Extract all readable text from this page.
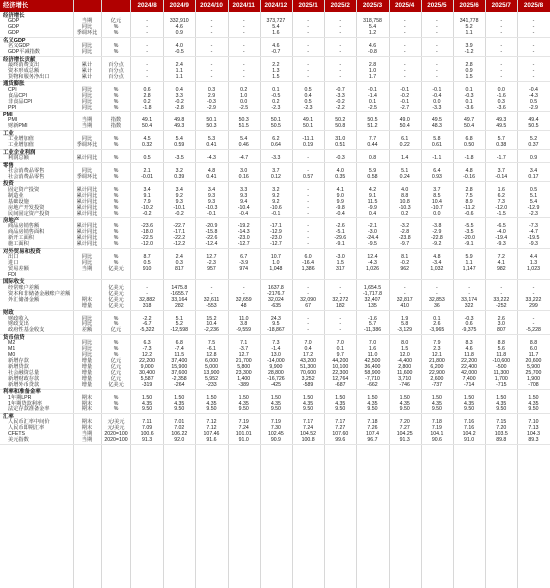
经济增长	2024/8	2024/9	2024/10	2024/11	2024/12	2025/1	2025/2	2025/3	2025/4	2025/5	2025/6	2025/7	2025/8
经济增长
GDP	当期	亿元	-	332,910	-	-	373,727	-	-	318,758	-	-	341,778	-	-
GDP	同比	%	-	4.6	-	-	5.4	-	-	5.4	-	-	5.2	-	-
GDP	季调环比	%	-	0.9	-	-	1.6	-	-	1.2	-	-	1.1	-	-
名义GDP
名义GDP	同比	%	-	4.0	-	-	4.6	-	-	4.6	-	-	3.9	-	-
GDP平减指数	同比	%	-	-0.5	-	-	-0.7	-	-	-0.8	-	-	-1.2	-	-
经济增长贡献
最终消费支出	累计	百分点	-	2.4	-	-	2.2	-	-	2.8	-	-	2.8	-	-
资本形成总额	累计	百分点	-	1.1	-	-	1.3	-	-	1.0	-	-	0.9	-	-
货物和服务净出口	累计	百分点	-	1.1	-	-	1.5	-	-	1.7	-	-	1.5	-	-
通货膨胀
CPI	同比	%	0.6	0.4	0.3	0.2	0.1	0.5	-0.7	-0.1	-0.1	-0.1	0.1	0.0	-0.4
食品CPI	同比	%	2.8	3.3	2.9	1.0	-0.5	0.4	-3.3	-1.4	-0.2	-0.4	-0.3	-1.6	-4.3
非食品CPI	同比	%	0.2	-0.2	-0.3	0.0	0.2	0.5	-0.2	0.1	-0.1	0.0	0.1	0.3	0.5
PPI	同比	%	-1.8	-2.8	-2.9	-2.5	-2.3	-2.3	-2.2	-2.5	-2.7	-3.3	-3.6	-3.6	-2.9
PMI
PMI	当期	指数	49.1	49.8	50.1	50.3	50.1	49.1	50.2	50.5	49.0	49.5	49.7	49.3	49.4
财新PMI	当期	指数	50.4	49.3	50.3	51.5	50.5	50.1	50.8	51.2	50.4	48.3	50.4	49.5	50.5
工业
工业增加值	同比	%	4.5	5.4	5.3	5.4	6.2	-11.1	31.0	7.7	6.1	5.8	6.8	5.7	5.2
工业增加值	季调环比	%	0.32	0.59	0.41	0.46	0.64	0.19	0.51	0.44	0.22	0.61	0.50	0.38	0.37
工业企业利润
利润总额	累计同比	%	0.5	-3.5	-4.3	-4.7	-3.3	-	-0.3	0.8	1.4	-1.1	-1.8	-1.7	0.9
零售
社会消费品零售	同比	%	2.1	3.2	4.8	3.0	3.7	-	4.0	5.9	5.1	6.4	4.8	3.7	3.4
社会消费品零售	季调环比	%	-0.01	0.39	0.41	0.16	0.12	0.57	0.35	0.58	0.24	0.93	-0.16	-0.14	0.17
投资
固定资产投资	累计同比	%	3.4	3.4	3.4	3.3	3.2	-	4.1	4.2	4.0	3.7	2.8	1.6	0.5
制造业	累计同比	%	9.1	9.2	9.3	9.3	9.2	-	9.0	9.1	8.8	8.5	7.5	6.2	5.1
基础设施	累计同比	%	7.9	9.3	9.3	9.4	9.2	-	9.9	11.5	10.8	10.4	8.9	7.3	5.4
房地产开发投资	累计同比	%	-10.2	-10.1	-10.3	-10.4	-10.6	-	-9.8	-9.9	-10.3	-10.7	-11.2	-12.0	-12.9
民间固定资产投资	累计同比	%	-0.2	-0.2	-0.1	-0.4	-0.1	-	-0.4	0.4	0.2	0.0	-0.6	-1.5	-2.3
房地产
商品房销售额	累计同比	%	-23.6	-22.7	-20.9	-19.2	-17.1	-	-2.6	-2.1	-3.2	-3.8	-5.5	-6.5	-7.3
商品房销售面积	累计同比	%	-18.0	-17.1	-15.8	-14.3	-12.9	-	-5.1	-3.0	-2.8	-2.9	-3.5	-4.0	-4.7
新开工面积	累计同比	%	-22.5	-22.2	-22.6	-23.0	-23.0	-	-29.6	-24.4	-23.8	-22.8	-20.0	-19.4	-19.5
施工面积	累计同比	%	-12.0	-12.2	-12.4	-12.7	-12.7	-	-9.1	-9.5	-9.7	-9.2	-9.1	-9.3	-9.3
对外贸易和投资
出口	同比	%	8.7	2.4	12.7	6.7	10.7	6.0	-3.0	12.4	8.1	4.8	5.9	7.2	4.4
进口	同比	%	0.5	0.3	-2.3	-3.9	1.0	-16.4	1.5	-4.3	-0.2	-3.4	1.1	4.1	1.3
贸易差额	当期	亿美元	910	817	957	974	1,048	1,386	317	1,026	962	1,032	1,147	982	1,023
FDI
国际收支
经常账户差额	亿美元	-	1475.8	-	-	1637.8	-	-	1,654.5	-	-	-	-	-
资本和非储备金融账户差额	亿美元	-	-1655.7	-	-	-2176.7	-	-	-1,717.8	-	-	-	-	-
外汇储备金额	期末	亿美元	32,882	33,164	32,611	32,659	32,024	32,090	32,272	32,407	32,817	32,853	33,174	33,222	33,222
增量	亿美元	318	282	-553	48	-635	67	182	135	410	36	322	-252	299
财政
财政收入	同比	%	-2.2	5.1	15.2	11.0	24.3	-	-	-1.6	1.9	0.1	-0.3	2.6	-
财政支出	同比	%	-6.7	5.2	10.4	3.8	9.5	-	-	5.7	5.8	2.6	0.6	3.0	-
政府性基金收支	差额	亿元	-5,322	-12,598	-2,236	-9,559	-18,867	-	-	-11,386	-3,129	-3,965	-9,375	807	-5,228
货币信贷
M2	同比	%	6.3	6.8	7.5	7.1	7.3	7.0	7.0	7.0	8.0	7.9	8.3	8.8	8.8
M1	同比	%	-7.3	-7.4	-6.1	-3.7	-1.4	0.4	0.1	1.6	1.5	2.3	4.6	5.6	6.0
M0	同比	%	12.2	11.5	12.8	12.7	13.0	17.2	9.7	11.0	12.0	12.1	11.8	11.8	11.7
新增存款	增量	亿元	22,200	37,400	6,000	21,700	-14,000	43,200	44,200	42,500	-4,400	21,800	22,200	-10,600	20,600
新增贷款	增量	亿元	9,000	15,900	5,000	5,800	9,900	51,300	10,100	36,400	2,800	6,200	22,400	-500	5,900
社会融资总量	增量	亿元	30,400	37,600	13,900	23,300	28,800	70,600	22,300	58,900	11,600	22,900	42,000	11,300	25,700
新增财政存款	增量	亿元	5,587	-2,358	5,952	1,400	-16,726	3,252	12,764	-7,710	3,710	2,600	7,400	1,700	1,900
新增外币贷款	增量	亿美元	-319	-264	-233	-389	-425	-589	-687	-662	-746	-737	-714	-715	-708
利率和准备金率
1年期LPR	期末	%	1.50	1.50	1.50	1.50	1.50	1.50	1.50	1.50	1.50	1.50	1.50	1.50	1.50
1年期贷款利率	期末	%	4.35	4.35	4.35	4.35	4.35	4.35	4.35	4.35	4.35	4.35	4.35	4.35	4.35
法定存款准备金率	期末	%	9.50	9.50	9.50	9.50	9.50	9.50	9.50	9.50	9.50	9.50	9.50	9.50	9.50
汇率
人民币汇率中间价	期末	元/美元	7.11	7.01	7.12	7.19	7.19	7.17	7.17	7.18	7.20	7.18	7.16	7.15	7.10
人民币即期汇率	期末	元/美元	7.09	7.02	7.12	7.24	7.30	7.24	7.27	7.26	7.27	7.19	7.16	7.20	7.13
CFETS	当期	2020=100	100.6	106.22	107.46	101.01	102.45	104.52	107.60	107.4	104.25	104.1	104.2	103.5	104.3
美元指数	当期	2020=100	91.3	92.0	91.6	91.0	90.9	100.8	99.6	96.7	91.3	90.6	91.0	89.8	89.3
